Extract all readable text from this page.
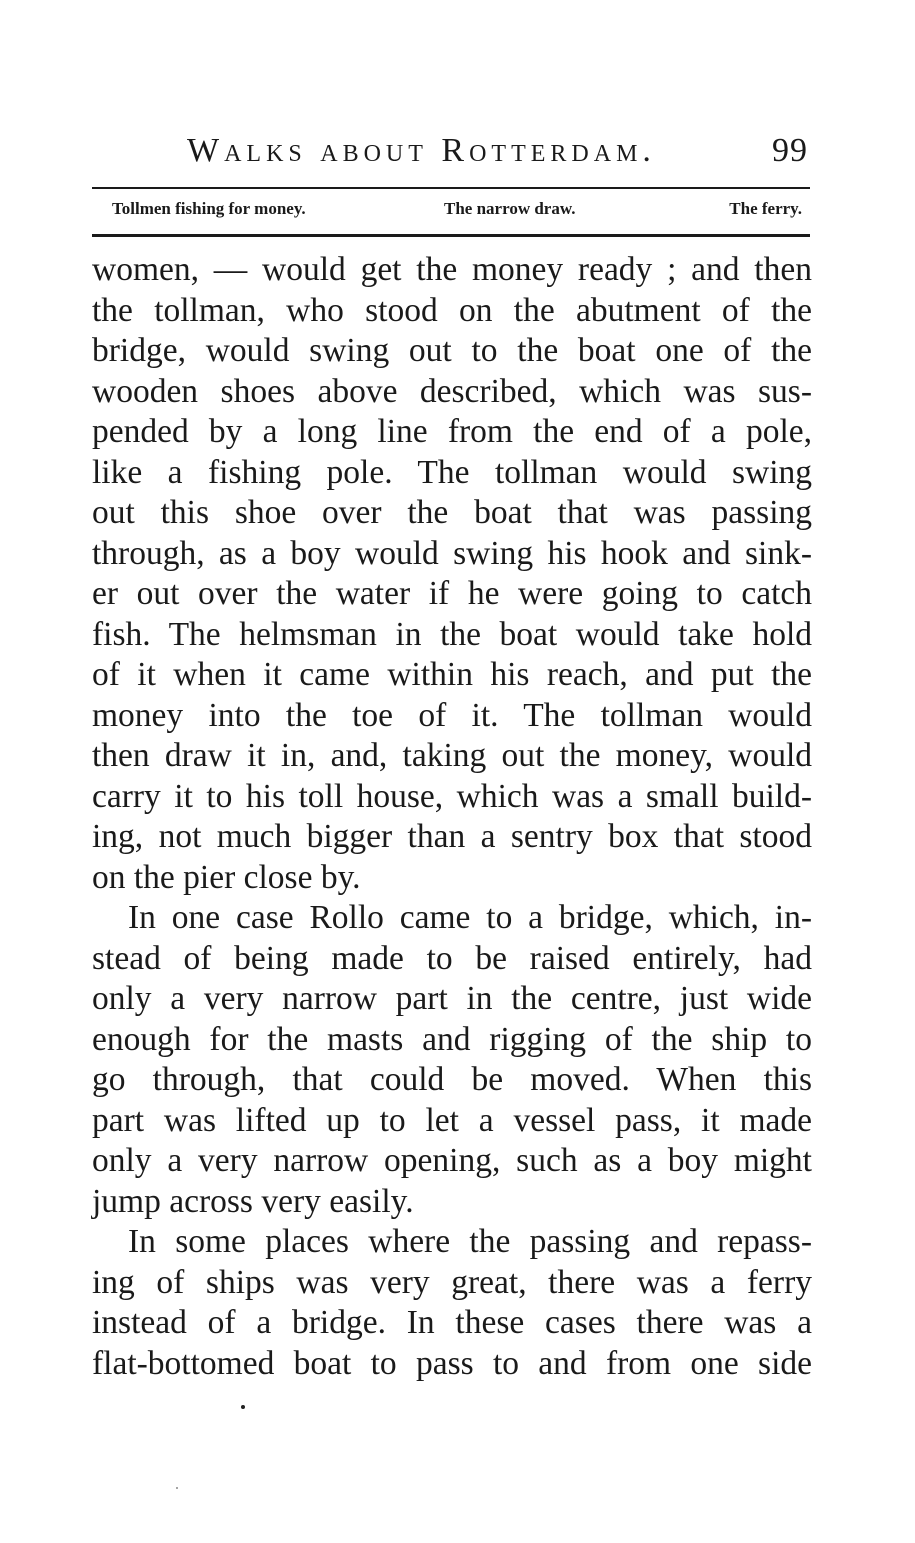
Walks about Rotterdam.	99
Tollmen fishing for money.	The narrow draw.	The ferry.
women, — would get the money ready ; and then
the tollman, who stood on the abutment of the
bridge, would swing out to the boat one of the
wooden shoes above described, which was sus-
pended by a long line from the end of a pole,
like a fishing pole. The tollman would swing
out this shoe over the boat that was passing
through, as a boy would swing his hook and sink-
er out over the water if he were going to catch
fish. The helmsman in the boat would take hold
of it when it came within his reach, and put the
money into the toe of it. The tollman would
then draw it in, and, taking out the money, would
carry it to his toll house, which was a small build-
ing, not much bigger than a sentry box that stood
on the pier close by.
In one case Rollo came to a bridge, which, in-
stead of being made to be raised entirely, had
only a very narrow part in the centre, just wide
enough for the masts and rigging of the ship to
go through, that could be moved. When this
part was lifted up to let a vessel pass, it made
only a very narrow opening, such as a boy might
jump across very easily.
In some places where the passing and repass-
ing of ships was very great, there was a ferry
instead of a bridge. In these cases there was a
flat-bottomed boat to pass to and from one side
